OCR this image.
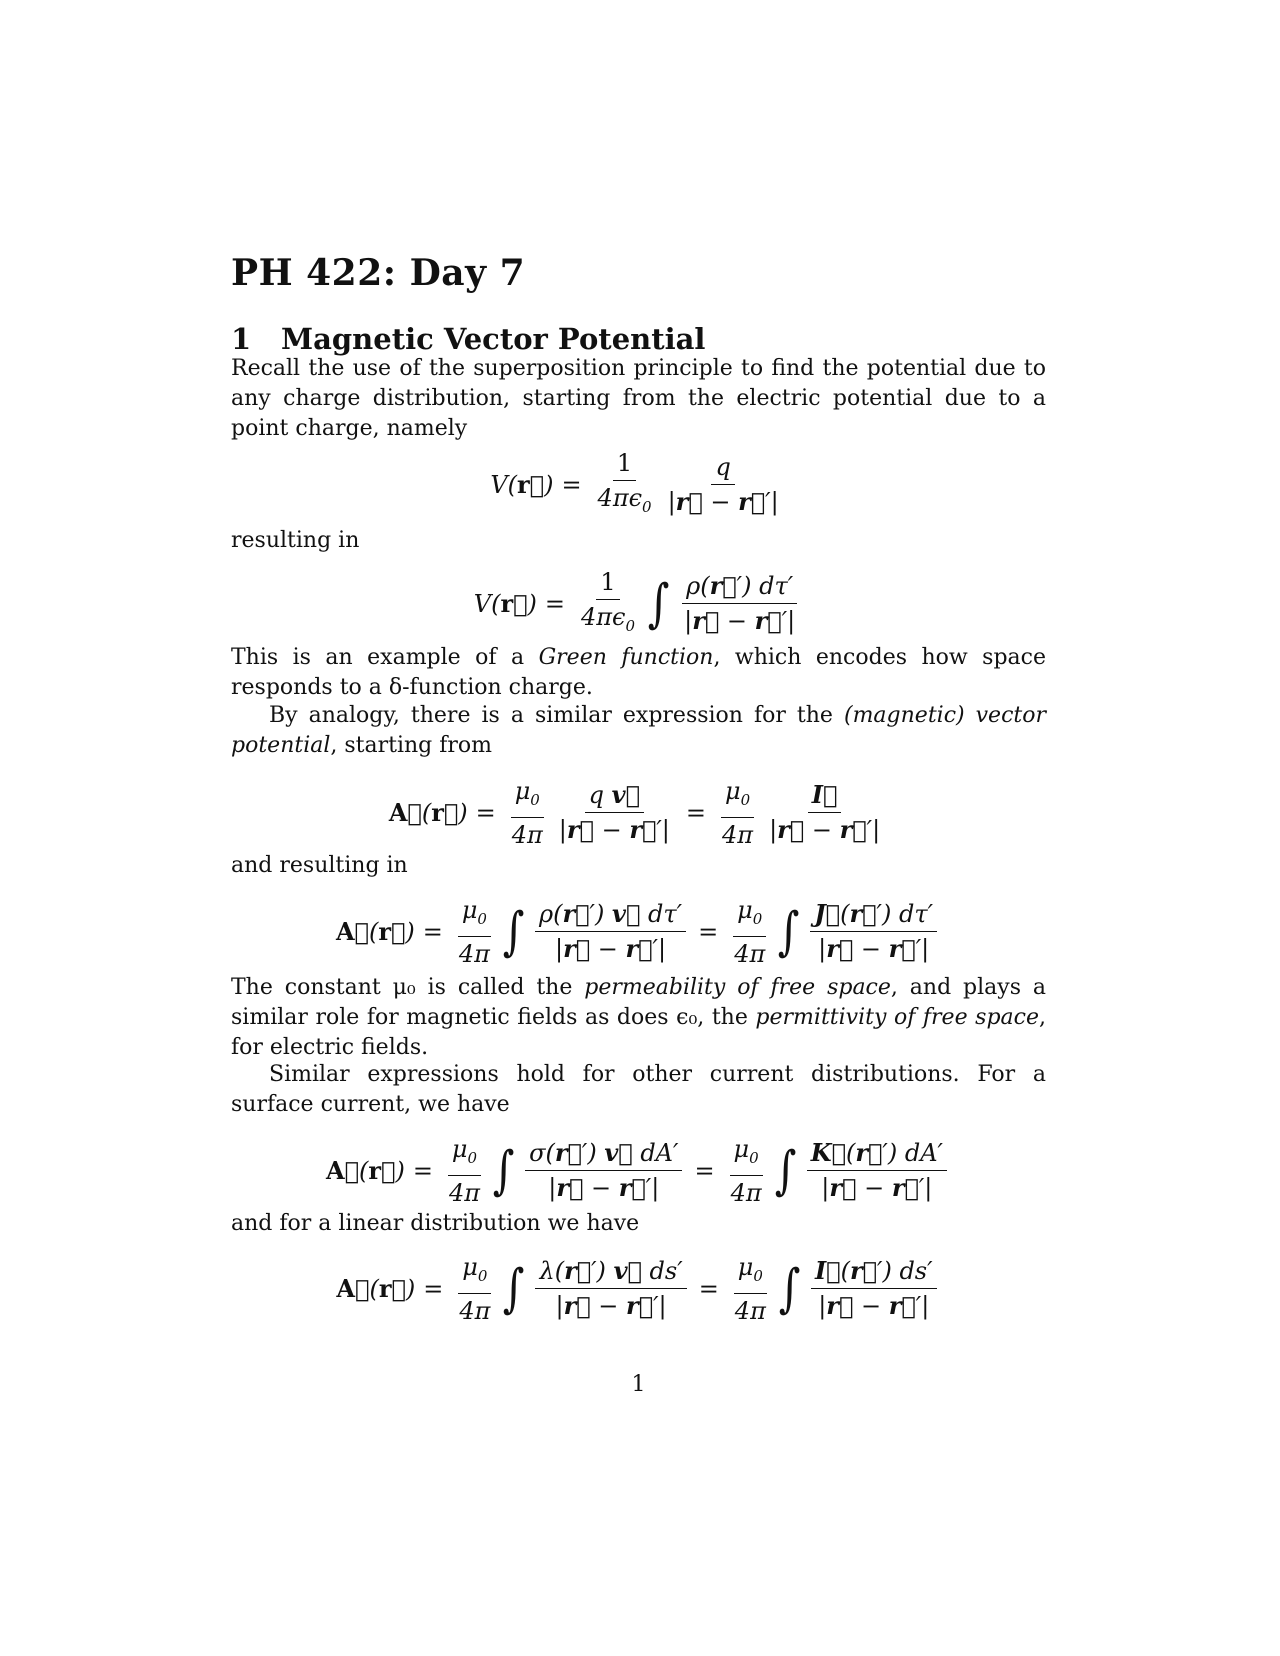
PH 422: Day 7
1 Magnetic Vector Potential

Recall the use of the superposition principle to find the potential due to any charge distribution, starting from the electric potential due to a point charge, namely

V( r⃗ ) = $\frac{1}{4\pi\epsilon_0} \frac{q}{|r⃗ - r⃗'|}$

resulting in

V( r⃗ ) = $\frac{1}{4\pi\epsilon_0}$ ∫ $\frac{\rho(r⃗') d\tau'}{|r⃗ - r⃗'|}$

This is an example of a Green function, which encodes how space responds to a δ-function charge.

By analogy, there is a similar expression for the (magnetic) vector potential, starting from

A⃗ ( r⃗ ) = $\frac{\mu_0}{4\pi} \frac{\text{q v⃗}}{|r⃗ - r⃗'|} = \frac{\mu_0}{4\pi} \frac{I⃗}{|r⃗ - r⃗'|}$

and resulting in

A⃗ ( r⃗ ) = $\frac{\mu_0}{4\pi}$ ∫ $\frac{\rho(r⃗') v⃗ d\tau'}{|r⃗ - r⃗'|} = \frac{\mu_0}{4\pi}$ ∫ $\frac{J⃗(r⃗') d\tau'}{|r⃗ - r⃗'|}$

The constant μ₀ is called the permeability of free space, and plays a similar role for magnetic fields as does ϵ₀, the permittivity of free space, for electric fields.

Similar expressions hold for other current distributions. For a surface current, we have

A⃗ ( r⃗ ) = $\frac{\mu_0}{4\pi}$ ∫ $\frac{\sigma(r⃗') v⃗ dA'}{|r⃗ - r⃗'|} = \frac{\mu_0}{4\pi}$ ∫ $\frac{K⃗(r⃗') dA'}{|r⃗ - r⃗'|}$

and for a linear distribution we have

A⃗ ( r⃗ ) = $\frac{\mu_0}{4\pi}$ ∫ $\frac{\lambda(r⃗') v⃗ ds'}{|r⃗ - r⃗'|} = \frac{\mu_0}{4\pi}$ ∫ $\frac{I⃗(r⃗') ds'}{|r⃗ - r⃗'|}$
1
